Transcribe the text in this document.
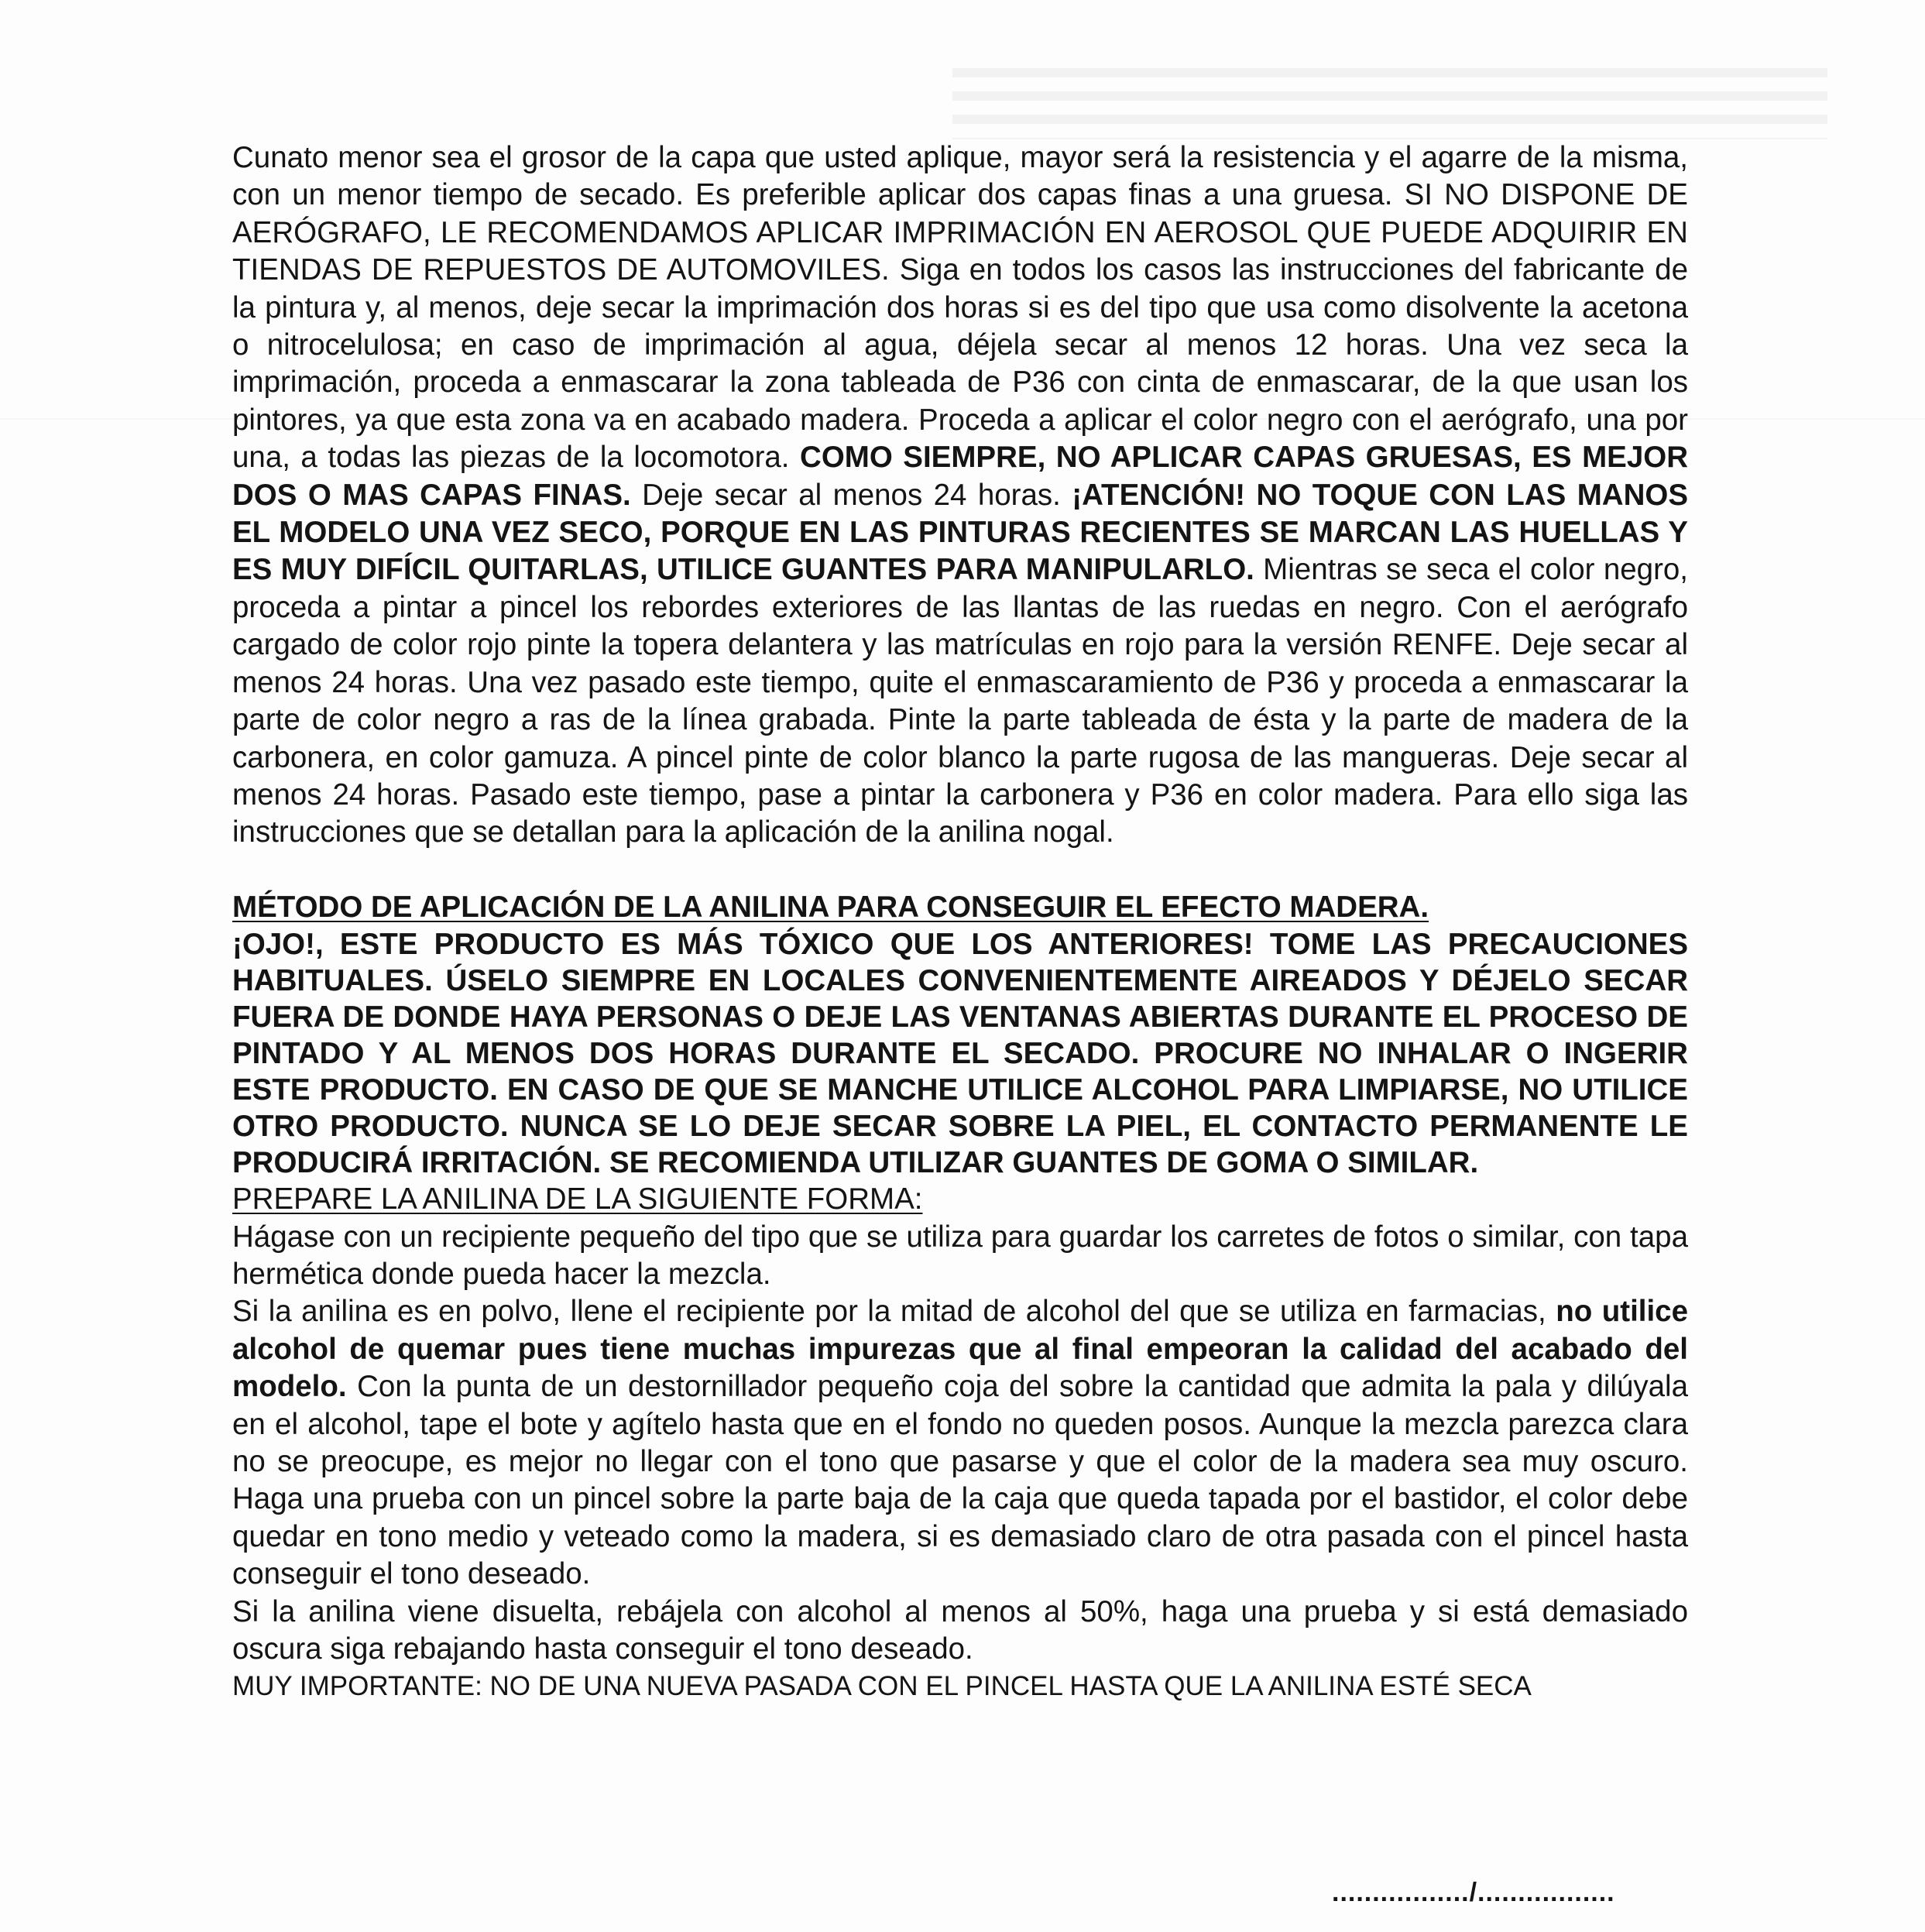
Cunato menor sea el grosor de la capa que usted aplique, mayor será la resistencia y el agarre de la misma, con un menor tiempo de secado. Es preferible aplicar dos capas finas a una gruesa. SI NO DISPONE DE AERÓGRAFO, LE RECOMENDAMOS APLICAR IMPRIMACIÓN EN AEROSOL QUE PUEDE ADQUIRIR EN TIENDAS DE REPUESTOS DE AUTOMOVILES. Siga en todos los casos las instrucciones del fabricante de la pintura y, al menos, deje secar la imprimación dos horas si es del tipo que usa como disolvente la acetona o nitrocelulosa; en caso de imprimación al agua, déjela secar al menos 12 horas. Una vez seca la imprimación, proceda a enmascarar la zona tableada de P36 con cinta de enmascarar, de la que usan los pintores, ya que esta zona va en acabado madera. Proceda a aplicar el color negro con el aerógrafo, una por una, a todas las piezas de la locomotora. COMO SIEMPRE, NO APLICAR CAPAS GRUESAS, ES MEJOR DOS O MAS CAPAS FINAS. Deje secar al menos 24 horas. ¡ATENCIÓN! NO TOQUE CON LAS MANOS EL MODELO UNA VEZ SECO, PORQUE EN LAS PINTURAS RECIENTES SE MARCAN LAS HUELLAS Y ES MUY DIFÍCIL QUITARLAS, UTILICE GUANTES PARA MANIPULARLO. Mientras se seca el color negro, proceda a pintar a pincel los rebordes exteriores de las llantas de las ruedas en negro. Con el aerógrafo cargado de color rojo pinte la topera delantera y las matrículas en rojo para la versión RENFE. Deje secar al menos 24 horas. Una vez pasado este tiempo, quite el enmascaramiento de P36 y proceda a enmascarar la parte de color negro a ras de la línea grabada. Pinte la parte tableada de ésta y la parte de madera de la carbonera, en color gamuza. A pincel pinte de color blanco la parte rugosa de las mangueras. Deje secar al menos 24 horas. Pasado este tiempo, pase a pintar la carbonera y P36 en color madera. Para ello siga las instrucciones que se detallan para la aplicación de la anilina nogal.

MÉTODO DE APLICACIÓN DE LA ANILINA PARA CONSEGUIR EL EFECTO MADERA.

¡OJO!, ESTE PRODUCTO ES MÁS TÓXICO QUE LOS ANTERIORES! TOME LAS PRECAUCIONES HABITUALES. ÚSELO SIEMPRE EN LOCALES CONVENIENTEMENTE AIREADOS Y DÉJELO SECAR FUERA DE DONDE HAYA PERSONAS O DEJE LAS VENTANAS ABIERTAS DURANTE EL PROCESO DE PINTADO Y AL MENOS DOS HORAS DURANTE EL SECADO. PROCURE NO INHALAR O INGERIR ESTE PRODUCTO. EN CASO DE QUE SE MANCHE UTILICE ALCOHOL PARA LIMPIARSE, NO UTILICE OTRO PRODUCTO. NUNCA SE LO DEJE SECAR SOBRE LA PIEL, EL CONTACTO PERMANENTE LE PRODUCIRÁ IRRITACIÓN. SE RECOMIENDA UTILIZAR GUANTES DE GOMA O SIMILAR.

PREPARE LA ANILINA DE LA SIGUIENTE FORMA:

Hágase con un recipiente pequeño del tipo que se utiliza para guardar los carretes de fotos o similar, con tapa hermética donde pueda hacer la mezcla.

Si la anilina es en polvo, llene el recipiente por la mitad de alcohol del que se utiliza en farmacias, no utilice alcohol de quemar pues tiene muchas impurezas que al final empeoran la calidad del acabado del modelo. Con la punta de un destornillador pequeño coja del sobre la cantidad que admita la pala y dilúyala en el alcohol, tape el bote y agítelo hasta que en el fondo no queden posos. Aunque la mezcla parezca clara no se preocupe, es mejor no llegar con el tono que pasarse y que el color de la madera sea muy oscuro. Haga una prueba con un pincel sobre la parte baja de la caja que queda tapada por el bastidor, el color debe quedar en tono medio y veteado como la madera, si es demasiado claro de otra pasada con el pincel hasta conseguir el tono deseado.

Si la anilina viene disuelta, rebájela con alcohol al menos al 50%, haga una prueba y si está demasiado oscura siga rebajando hasta conseguir el tono deseado.

MUY IMPORTANTE: NO DE UNA NUEVA PASADA CON EL PINCEL HASTA QUE LA ANILINA ESTÉ SECA

................./.................
